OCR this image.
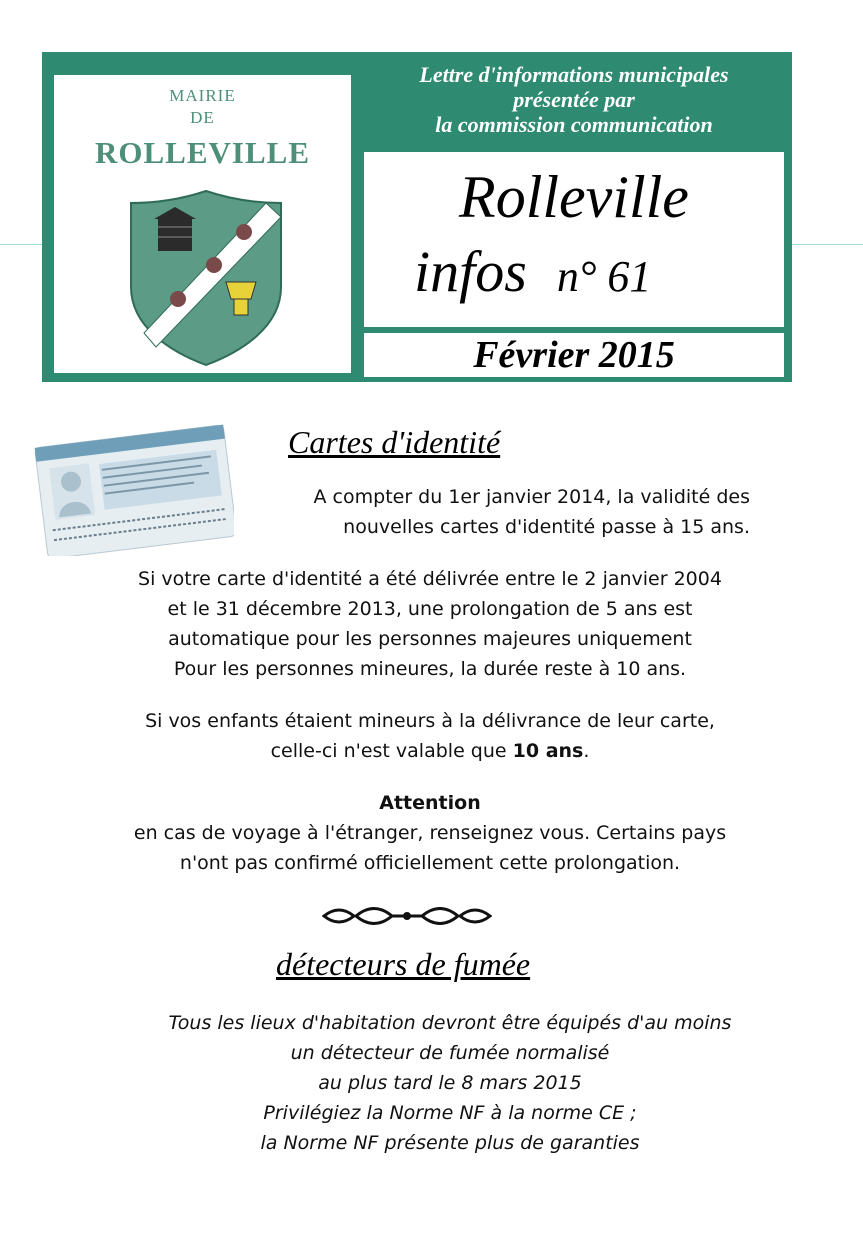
MAIRIE
DE
ROLLEVILLE
Lettre d'informations municipales
présentée par
la commission communication
Rolleville
infos n° 61
Février 2015
Cartes d'identité
A compter du 1er janvier 2014, la validité des
nouvelles cartes d'identité passe à 15 ans.
Si votre carte d'identité a été délivrée entre le 2 janvier 2004
et le 31 décembre 2013, une prolongation de 5 ans est
automatique pour les personnes majeures uniquement
Pour les personnes mineures, la durée reste à 10 ans.
Si vos enfants étaient mineurs à la délivrance de leur carte,
celle-ci n'est valable que 10 ans.
Attention
en cas de voyage à l'étranger, renseignez vous. Certains pays
n'ont pas confirmé officiellement cette prolongation.
détecteurs de fumée
Tous les lieux d'habitation devront être équipés d'au moins
un détecteur de fumée normalisé
au plus tard le 8 mars 2015
Privilégiez la Norme NF à la norme CE ;
la Norme NF présente plus de garanties
